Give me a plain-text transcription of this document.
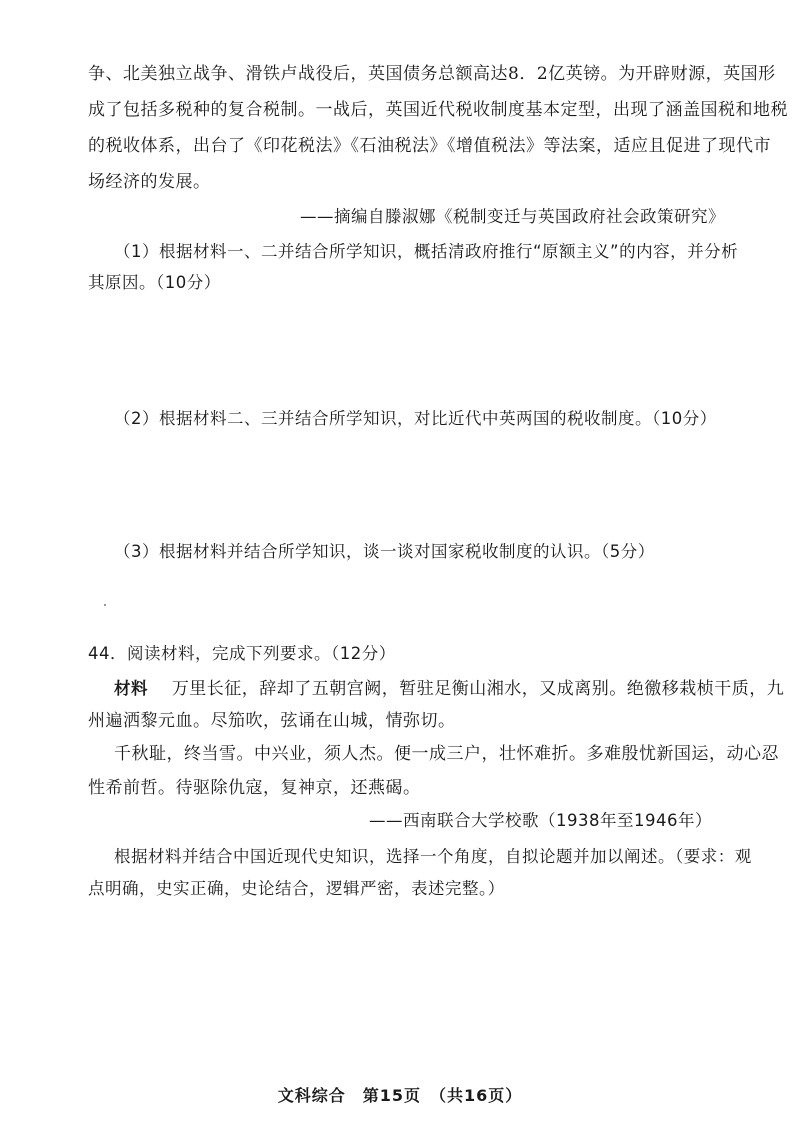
争、北美独立战争、滑铁卢战役后，英国债务总额高达8．2亿英镑。为开辟财源，英国形
成了包括多税种的复合税制。一战后，英国近代税收制度基本定型，出现了涵盖国税和地税
的税收体系，出台了《印花税法》《石油税法》《增值税法》等法案，适应且促进了现代市
场经济的发展。
——摘编自滕淑娜《税制变迁与英国政府社会政策研究》
（1）根据材料一、二并结合所学知识，概括清政府推行“原额主义”的内容，并分析
其原因。（10分）
（2）根据材料二、三并结合所学知识，对比近代中英两国的税收制度。（10分）
（3）根据材料并结合所学知识，谈一谈对国家税收制度的认识。（5分）
44．阅读材料，完成下列要求。（12分）
材料 万里长征，辞却了五朝宫阙，暂驻足衡山湘水，又成离别。绝徼移栽桢干质，九
州遍洒黎元血。尽笳吹，弦诵在山城，情弥切。
千秋耻，终当雪。中兴业，须人杰。便一成三户，壮怀难折。多难殷忧新国运，动心忍
性希前哲。待驱除仇寇，复神京，还燕碣。
——西南联合大学校歌（1938年至1946年）
根据材料并结合中国近现代史知识，选择一个角度，自拟论题并加以阐述。（要求：观
点明确，史实正确，史论结合，逻辑严密，表述完整。）
文科综合　第15页　（共16页）
